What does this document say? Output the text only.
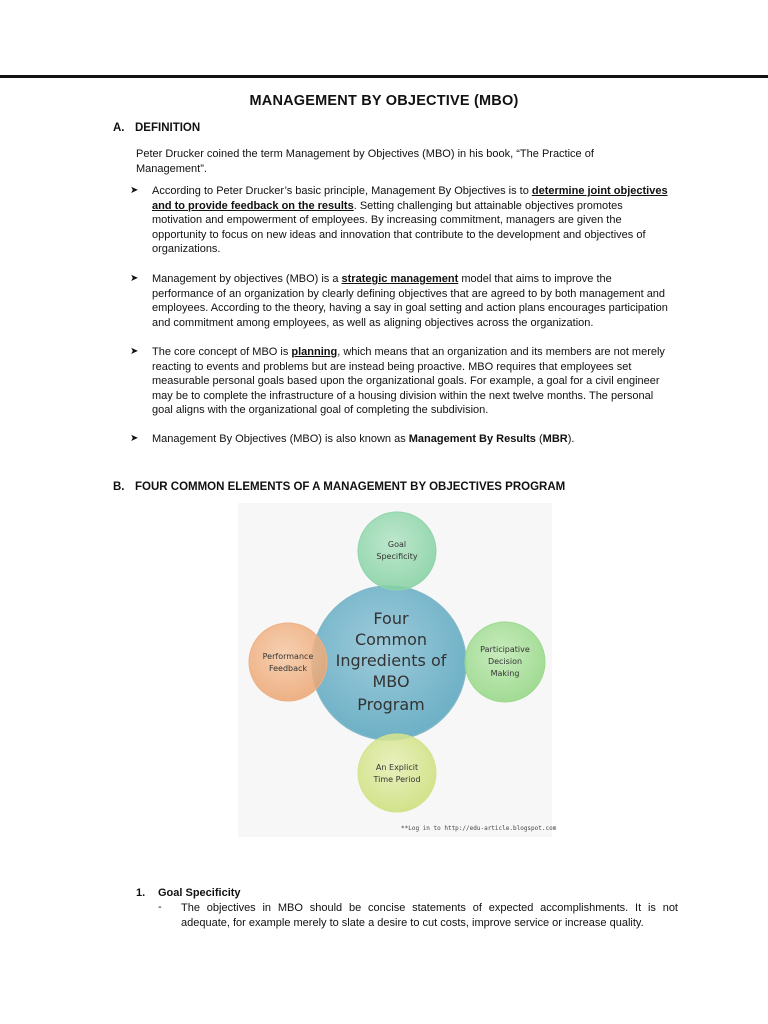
MANAGEMENT BY OBJECTIVE (MBO)
A. DEFINITION
Peter Drucker coined the term Management by Objectives (MBO) in his book, “The Practice of Management”.
➤ According to Peter Drucker’s basic principle, Management By Objectives is to determine joint objectives and to provide feedback on the results. Setting challenging but attainable objectives promotes motivation and empowerment of employees. By increasing commitment, managers are given the opportunity to focus on new ideas and innovation that contribute to the development and objectives of organizations.
➤ Management by objectives (MBO) is a strategic management model that aims to improve the performance of an organization by clearly defining objectives that are agreed to by both management and employees. According to the theory, having a say in goal setting and action plans encourages participation and commitment among employees, as well as aligning objectives across the organization.
➤ The core concept of MBO is planning, which means that an organization and its members are not merely reacting to events and problems but are instead being proactive. MBO requires that employees set measurable personal goals based upon the organizational goals. For example, a goal for a civil engineer may be to complete the infrastructure of a housing division within the next twelve months. The personal goal aligns with the organizational goal of completing the subdivision.
➤ Management By Objectives (MBO) is also known as Management By Results (MBR).
B. FOUR COMMON ELEMENTS OF A MANAGEMENT BY OBJECTIVES PROGRAM
Four
Common
Ingredients of
MBO
Program
Goal
Specificity
Participative
Decision
Making
An Explicit
Time Period
Performance
Feedback
**Log in to http://edu-article.blogspot.com
1. Goal Specificity
- The objectives in MBO should be concise statements of expected accomplishments. It is not adequate, for example merely to slate a desire to cut costs, improve service or increase quality.
